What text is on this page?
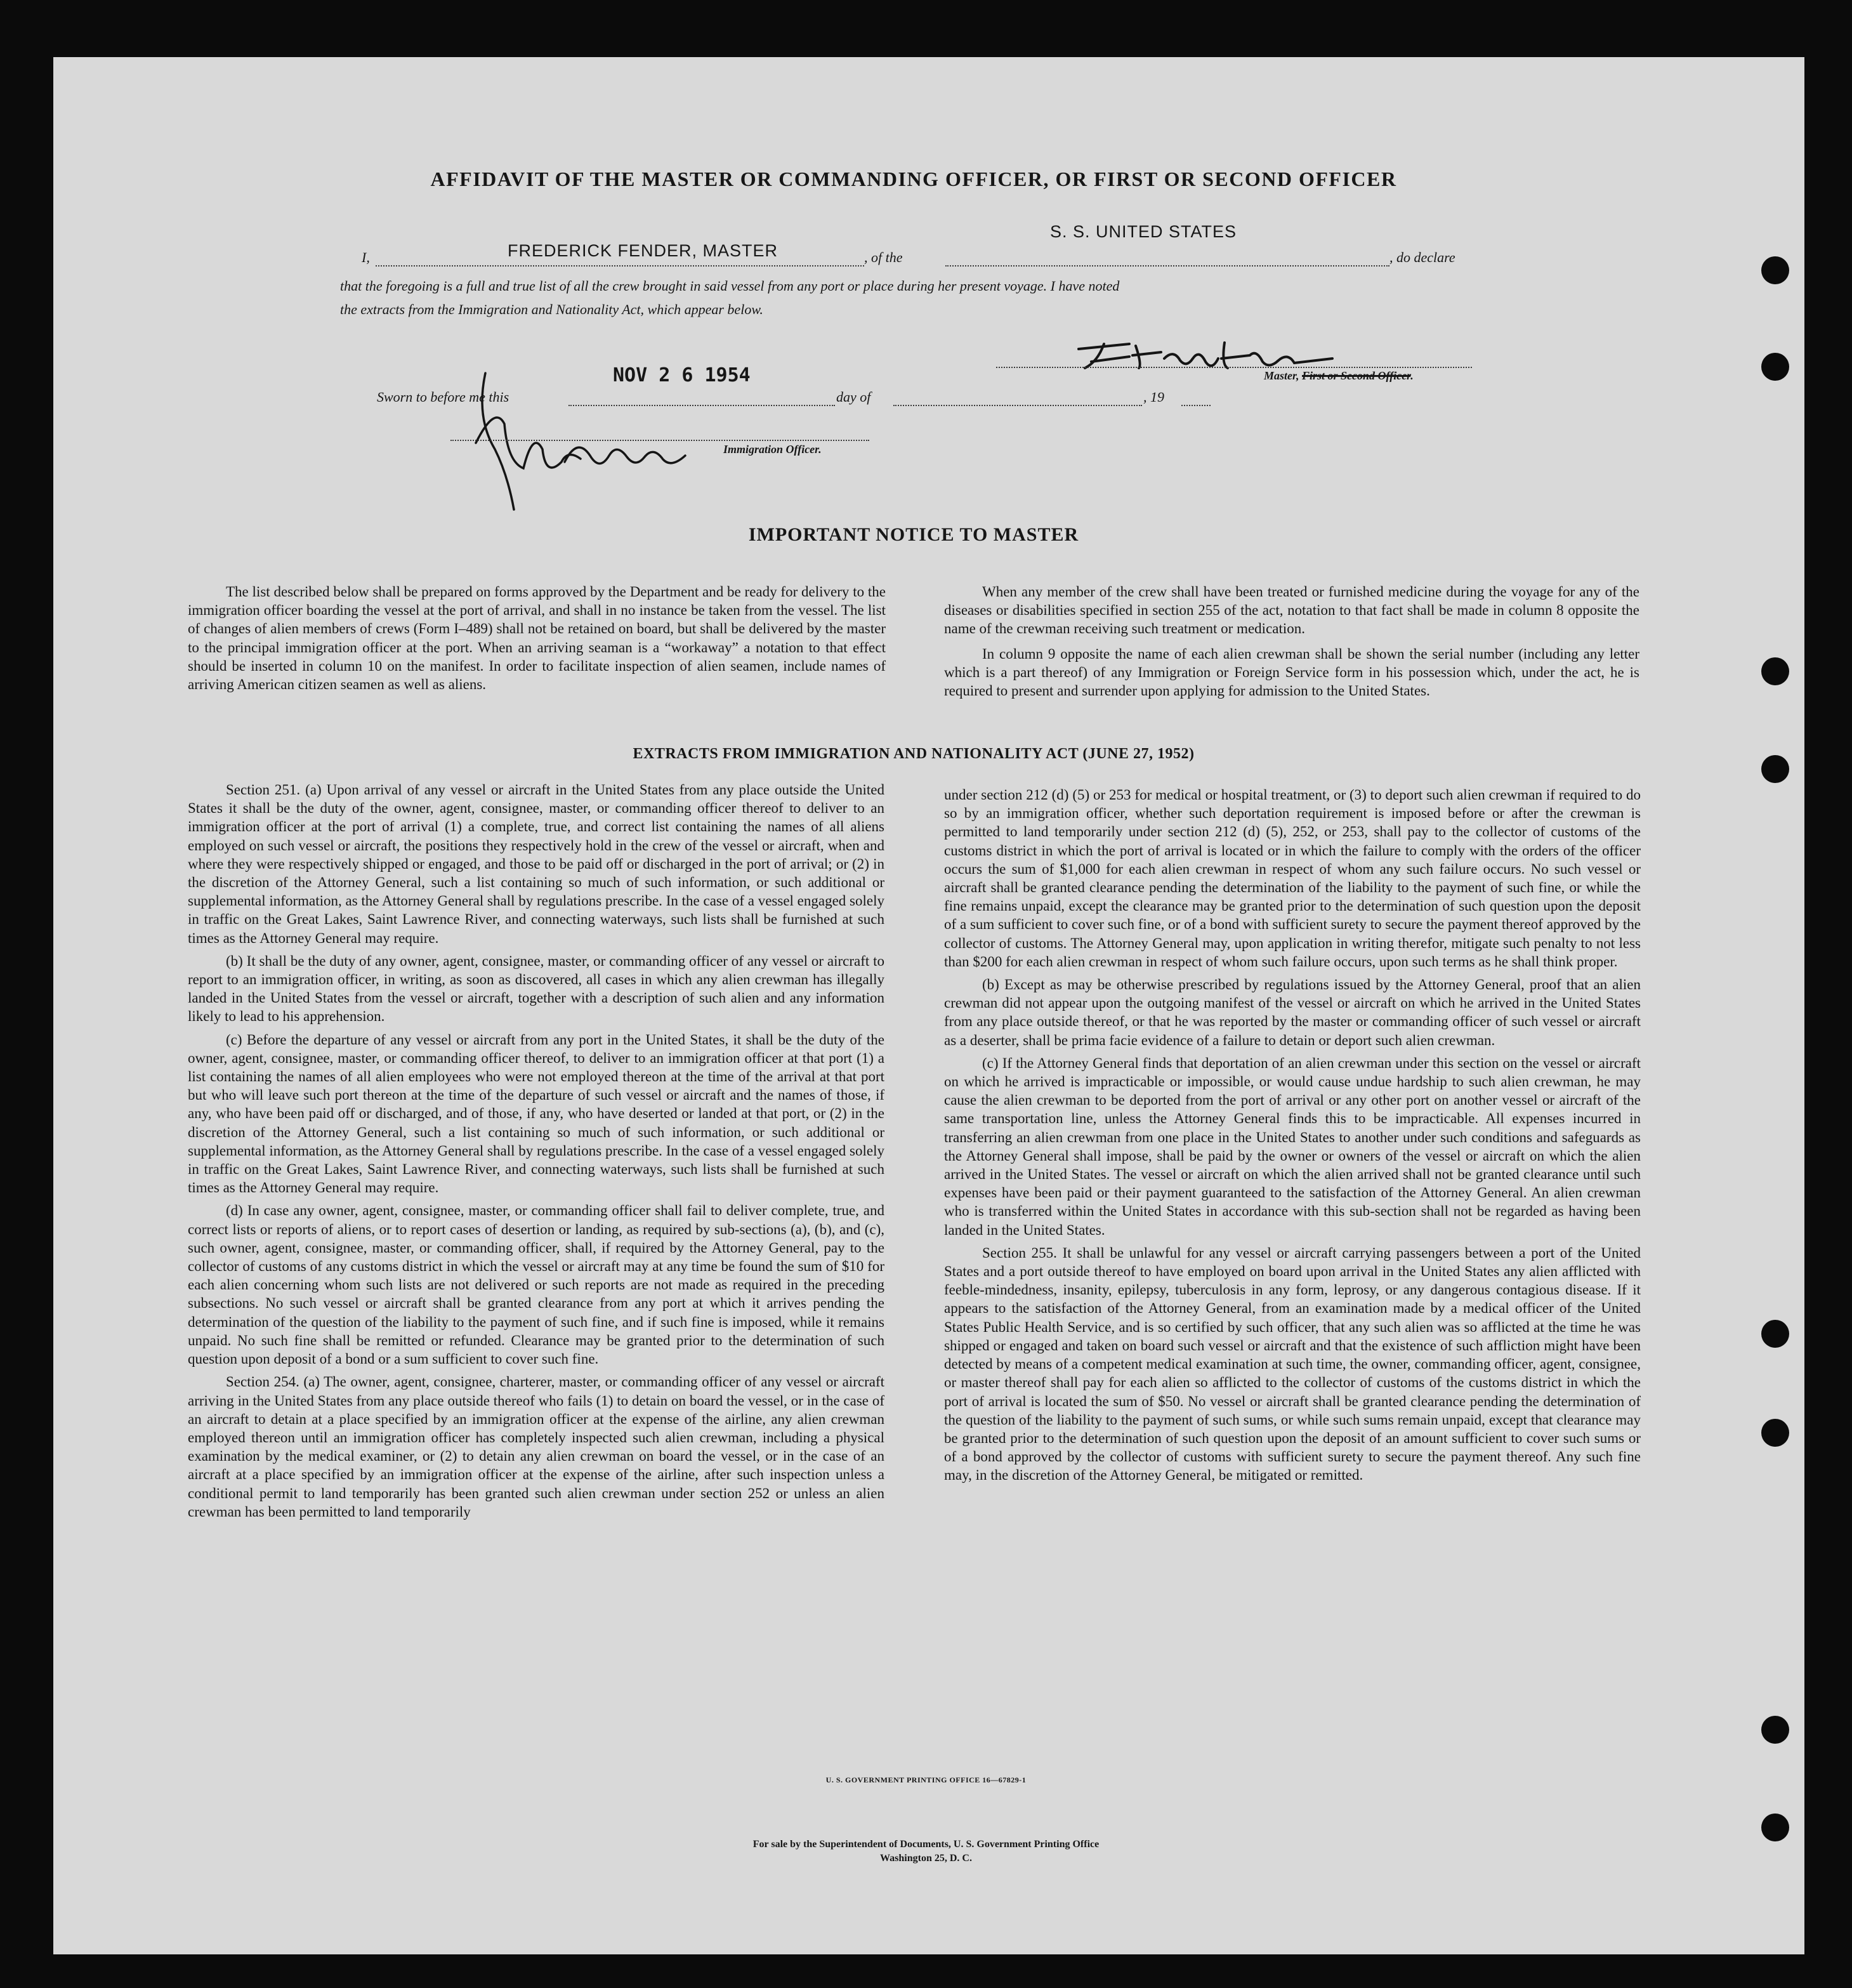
AFFIDAVIT OF THE MASTER OR COMMANDING OFFICER, OR FIRST OR SECOND OFFICER
I,	FREDERICK FENDER, MASTER	, of the
S. S. UNITED STATES
, do declare
that the foregoing is a full and true list of all the crew brought in said vessel from any port or place during her present voyage. I have noted
the extracts from the Immigration and Nationality Act, which appear below.
Master, First or Second Officer.
NOV 2 6 1954
Sworn to before me this	day of	, 19
Immigration Officer.
IMPORTANT NOTICE TO MASTER

The list described below shall be prepared on forms approved by the Department and be ready for delivery to the immigration officer boarding the vessel at the port of arrival, and shall in no instance be taken from the vessel. The list of changes of alien members of crews (Form I–489) shall not be retained on board, but shall be delivered by the master to the principal immigration officer at the port. When an arriving seaman is a “workaway” a notation to that effect should be inserted in column 10 on the manifest. In order to facilitate inspection of alien seamen, include names of arriving American citizen seamen as well as aliens.

When any member of the crew shall have been treated or furnished medicine during the voyage for any of the diseases or disabilities specified in section 255 of the act, notation to that fact shall be made in column 8 opposite the name of the crewman receiving such treatment or medication.

In column 9 opposite the name of each alien crewman shall be shown the serial number (including any letter which is a part thereof) of any Immigration or Foreign Service form in his possession which, under the act, he is required to present and surrender upon applying for admission to the United States.

EXTRACTS FROM IMMIGRATION AND NATIONALITY ACT (JUNE 27, 1952)

Section 251. (a) Upon arrival of any vessel or aircraft in the United States from any place outside the United States it shall be the duty of the owner, agent, consignee, master, or commanding officer thereof to deliver to an immigration officer at the port of arrival (1) a complete, true, and correct list containing the names of all aliens employed on such vessel or aircraft, the positions they respectively hold in the crew of the vessel or aircraft, when and where they were respectively shipped or engaged, and those to be paid off or discharged in the port of arrival; or (2) in the discretion of the Attorney General, such a list containing so much of such information, or such additional or supplemental information, as the Attorney General shall by regulations prescribe. In the case of a vessel engaged solely in traffic on the Great Lakes, Saint Lawrence River, and connecting waterways, such lists shall be furnished at such times as the Attorney General may require.

(b) It shall be the duty of any owner, agent, consignee, master, or commanding officer of any vessel or aircraft to report to an immigration officer, in writing, as soon as discovered, all cases in which any alien crewman has illegally landed in the United States from the vessel or aircraft, together with a description of such alien and any information likely to lead to his apprehension.

(c) Before the departure of any vessel or aircraft from any port in the United States, it shall be the duty of the owner, agent, consignee, master, or commanding officer thereof, to deliver to an immigration officer at that port (1) a list containing the names of all alien employees who were not employed thereon at the time of the arrival at that port but who will leave such port thereon at the time of the departure of such vessel or aircraft and the names of those, if any, who have been paid off or discharged, and of those, if any, who have deserted or landed at that port, or (2) in the discretion of the Attorney General, such a list containing so much of such information, or such additional or supplemental information, as the Attorney General shall by regulations prescribe. In the case of a vessel engaged solely in traffic on the Great Lakes, Saint Lawrence River, and connecting waterways, such lists shall be furnished at such times as the Attorney General may require.

(d) In case any owner, agent, consignee, master, or commanding officer shall fail to deliver complete, true, and correct lists or reports of aliens, or to report cases of desertion or landing, as required by sub-sections (a), (b), and (c), such owner, agent, consignee, master, or commanding officer, shall, if required by the Attorney General, pay to the collector of customs of any customs district in which the vessel or aircraft may at any time be found the sum of $10 for each alien concerning whom such lists are not delivered or such reports are not made as required in the preceding subsections. No such vessel or aircraft shall be granted clearance from any port at which it arrives pending the determination of the question of the liability to the payment of such fine, and if such fine is imposed, while it remains unpaid. No such fine shall be remitted or refunded. Clearance may be granted prior to the determination of such question upon deposit of a bond or a sum sufficient to cover such fine.

Section 254. (a) The owner, agent, consignee, charterer, master, or commanding officer of any vessel or aircraft arriving in the United States from any place outside thereof who fails (1) to detain on board the vessel, or in the case of an aircraft to detain at a place specified by an immigration officer at the expense of the airline, any alien crewman employed thereon until an immigration officer has completely inspected such alien crewman, including a physical examination by the medical examiner, or (2) to detain any alien crewman on board the vessel, or in the case of an aircraft at a place specified by an immigration officer at the expense of the airline, after such inspection unless a conditional permit to land temporarily has been granted such alien crewman under section 252 or unless an alien crewman has been permitted to land temporarily

under section 212 (d) (5) or 253 for medical or hospital treatment, or (3) to deport such alien crewman if required to do so by an immigration officer, whether such deportation requirement is imposed before or after the crewman is permitted to land temporarily under section 212 (d) (5), 252, or 253, shall pay to the collector of customs of the customs district in which the port of arrival is located or in which the failure to comply with the orders of the officer occurs the sum of $1,000 for each alien crewman in respect of whom any such failure occurs. No such vessel or aircraft shall be granted clearance pending the determination of the liability to the payment of such fine, or while the fine remains unpaid, except the clearance may be granted prior to the determination of such question upon the deposit of a sum sufficient to cover such fine, or of a bond with sufficient surety to secure the payment thereof approved by the collector of customs. The Attorney General may, upon application in writing therefor, mitigate such penalty to not less than $200 for each alien crewman in respect of whom such failure occurs, upon such terms as he shall think proper.

(b) Except as may be otherwise prescribed by regulations issued by the Attorney General, proof that an alien crewman did not appear upon the outgoing manifest of the vessel or aircraft on which he arrived in the United States from any place outside thereof, or that he was reported by the master or commanding officer of such vessel or aircraft as a deserter, shall be prima facie evidence of a failure to detain or deport such alien crewman.

(c) If the Attorney General finds that deportation of an alien crewman under this section on the vessel or aircraft on which he arrived is impracticable or impossible, or would cause undue hardship to such alien crewman, he may cause the alien crewman to be deported from the port of arrival or any other port on another vessel or aircraft of the same transportation line, unless the Attorney General finds this to be impracticable. All expenses incurred in transferring an alien crewman from one place in the United States to another under such conditions and safeguards as the Attorney General shall impose, shall be paid by the owner or owners of the vessel or aircraft on which the alien arrived in the United States. The vessel or aircraft on which the alien arrived shall not be granted clearance until such expenses have been paid or their payment guaranteed to the satisfaction of the Attorney General. An alien crewman who is transferred within the United States in accordance with this sub-section shall not be regarded as having been landed in the United States.

Section 255. It shall be unlawful for any vessel or aircraft carrying passengers between a port of the United States and a port outside thereof to have employed on board upon arrival in the United States any alien afflicted with feeble-mindedness, insanity, epilepsy, tuberculosis in any form, leprosy, or any dangerous contagious disease. If it appears to the satisfaction of the Attorney General, from an examination made by a medical officer of the United States Public Health Service, and is so certified by such officer, that any such alien was so afflicted at the time he was shipped or engaged and taken on board such vessel or aircraft and that the existence of such affliction might have been detected by means of a competent medical examination at such time, the owner, commanding officer, agent, consignee, or master thereof shall pay for each alien so afflicted to the collector of customs of the customs district in which the port of arrival is located the sum of $50. No vessel or aircraft shall be granted clearance pending the determination of the question of the liability to the payment of such sums, or while such sums remain unpaid, except that clearance may be granted prior to the determination of such question upon the deposit of an amount sufficient to cover such sums or of a bond approved by the collector of customs with sufficient surety to secure the payment thereof. Any such fine may, in the discretion of the Attorney General, be mitigated or remitted.

U. S. GOVERNMENT PRINTING OFFICE 16—67829-1
For sale by the Superintendent of Documents, U. S. Government Printing Office
Washington 25, D. C.
